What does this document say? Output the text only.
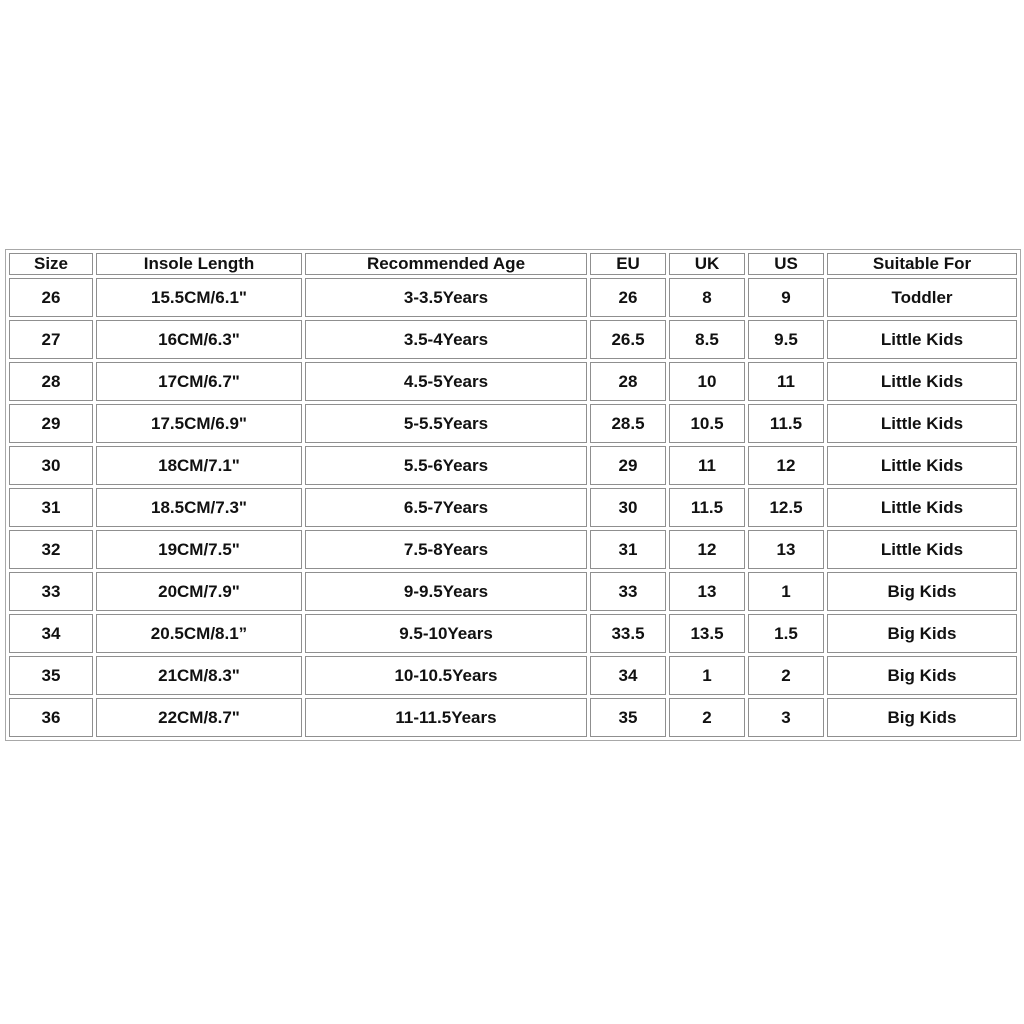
Size	Insole Length	Recommended Age	EU	UK	US	Suitable For
26	15.5CM/6.1"	3-3.5Years	26	8	9	Toddler
27	16CM/6.3"	3.5-4Years	26.5	8.5	9.5	Little Kids
28	17CM/6.7"	4.5-5Years	28	10	11	Little Kids
29	17.5CM/6.9"	5-5.5Years	28.5	10.5	11.5	Little Kids
30	18CM/7.1"	5.5-6Years	29	11	12	Little Kids
31	18.5CM/7.3"	6.5-7Years	30	11.5	12.5	Little Kids
32	19CM/7.5"	7.5-8Years	31	12	13	Little Kids
33	20CM/7.9"	9-9.5Years	33	13	1	Big Kids
34	20.5CM/8.1”	9.5-10Years	33.5	13.5	1.5	Big Kids
35	21CM/8.3"	10-10.5Years	34	1	2	Big Kids
36	22CM/8.7"	11-11.5Years	35	2	3	Big Kids
